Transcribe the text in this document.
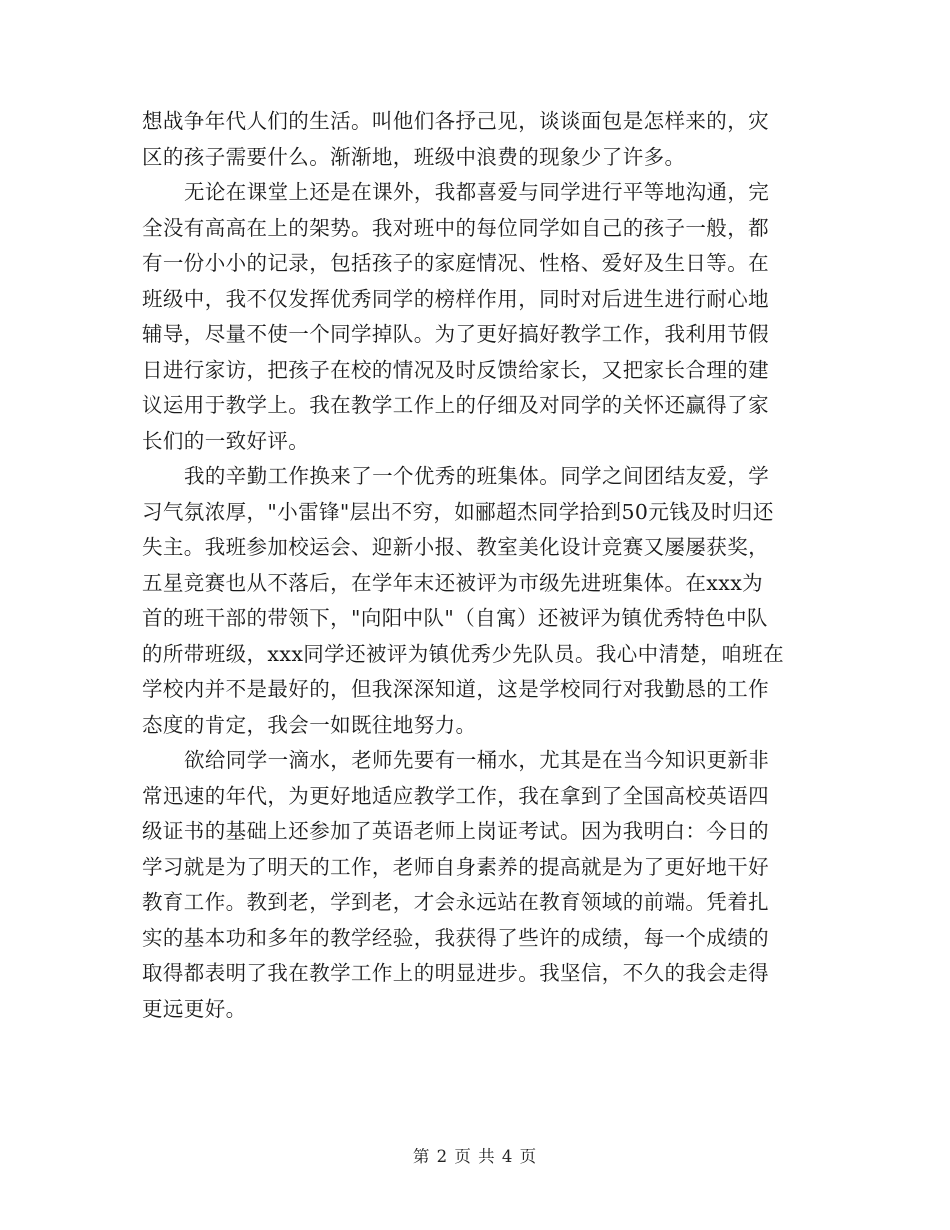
想战争年代人们的生活。叫他们各抒己见，谈谈面包是怎样来的，灾
区的孩子需要什么。渐渐地，班级中浪费的现象少了许多。

无论在课堂上还是在课外，我都喜爱与同学进行平等地沟通，完
全没有高高在上的架势。我对班中的每位同学如自己的孩子一般，都
有一份小小的记录，包括孩子的家庭情况、性格、爱好及生日等。在
班级中，我不仅发挥优秀同学的榜样作用，同时对后进生进行耐心地
辅导，尽量不使一个同学掉队。为了更好搞好教学工作，我利用节假
日进行家访，把孩子在校的情况及时反馈给家长，又把家长合理的建
议运用于教学上。我在教学工作上的仔细及对同学的关怀还赢得了家
长们的一致好评。

我的辛勤工作换来了一个优秀的班集体。同学之间团结友爱，学
习气氛浓厚，"小雷锋"层出不穷，如郦超杰同学拾到50元钱及时归还
失主。我班参加校运会、迎新小报、教室美化设计竞赛又屡屡获奖，
五星竞赛也从不落后，在学年末还被评为市级先进班集体。在xxx为
首的班干部的带领下，"向阳中队"（自寓）还被评为镇优秀特色中队
的所带班级，xxx同学还被评为镇优秀少先队员。我心中清楚，咱班在
学校内并不是最好的，但我深深知道，这是学校同行对我勤恳的工作
态度的肯定，我会一如既往地努力。

欲给同学一滴水，老师先要有一桶水，尤其是在当今知识更新非
常迅速的年代，为更好地适应教学工作，我在拿到了全国高校英语四
级证书的基础上还参加了英语老师上岗证考试。因为我明白：今日的
学习就是为了明天的工作，老师自身素养的提高就是为了更好地干好
教育工作。教到老，学到老，才会永远站在教育领域的前端。凭着扎
实的基本功和多年的教学经验，我获得了些许的成绩，每一个成绩的
取得都表明了我在教学工作上的明显进步。我坚信，不久的我会走得
更远更好。

第 2 页 共 4 页
